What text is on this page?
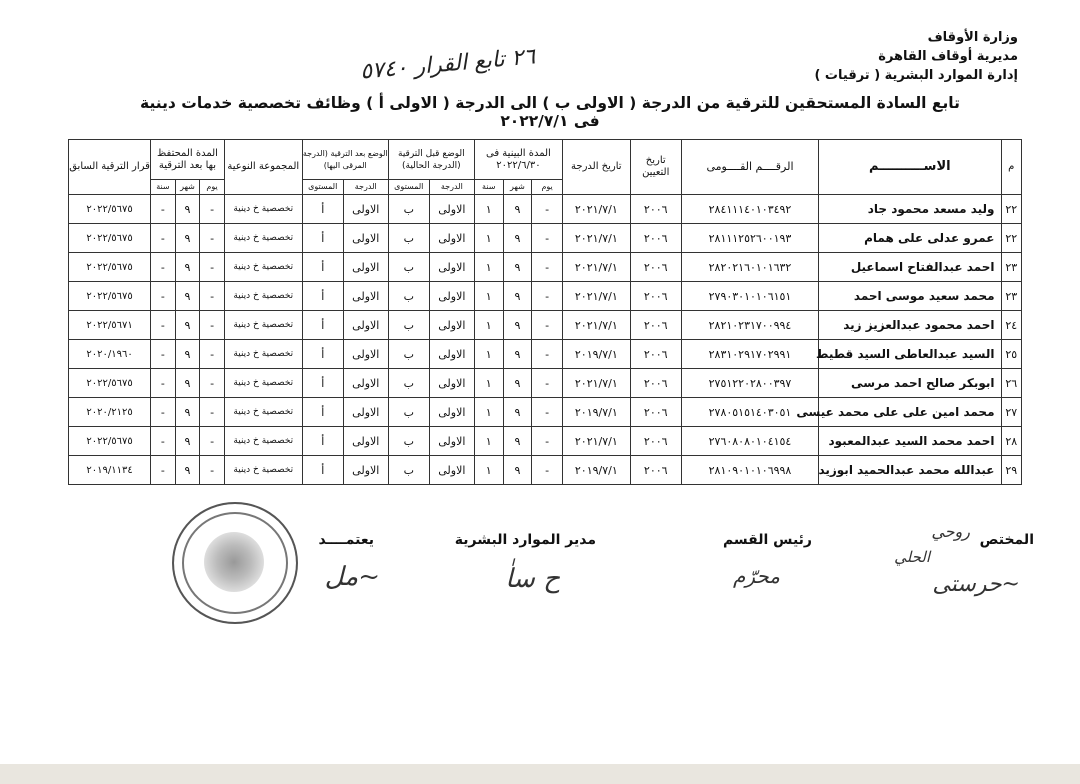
وزارة الأوقاف
مديرية أوقاف القاهرة
إدارة الموارد البشرية ( ترقيات )
٢٦ تابع القرار ٥٧٤٠
تابع السادة المستحقين للترقية من الدرجة ( الاولى ب ) الى الدرجة ( الاولى أ ) وظائف تخصصية خدمات دينية فى ٢٠٢٢/٧/١
م	الاســــــــــم	الرقــــم القــــومى	تاريخ التعيين	تاريخ الدرجة	المدة البينية فى ٢٠٢٢/٦/٣٠			الوضع قبل الترقية (الدرجة الحالية)		الوضع بعد الترقية (الدرجة المرقى اليها)		المجموعة النوعية	المدة المحتفظ بها بعد الترقية			قرار الترقية السابق
					يوم	شهر	سنة	الدرجة	المستوى	الدرجة	المستوى		يوم	شهر	سنة	
٢٢	وليد مسعد محمود جاد	٢٨٤١١١٤٠١٠٣٤٩٢	٢٠٠٦	٢٠٢١/٧/١	-	٩	١	الاولى	ب	الاولى	أ	تخصصية خ دينية	-	٩	-	٢٠٢٢/٥٦٧٥
٢٢	عمرو عدلى على همام	٢٨١١١٢٥٢٦٠٠١٩٣	٢٠٠٦	٢٠٢١/٧/١	-	٩	١	الاولى	ب	الاولى	أ	تخصصية خ دينية	-	٩	-	٢٠٢٢/٥٦٧٥
٢٣	احمد عبدالفتاح اسماعيل	٢٨٢٠٢١٦٠١٠١٦٣٢	٢٠٠٦	٢٠٢١/٧/١	-	٩	١	الاولى	ب	الاولى	أ	تخصصية خ دينية	-	٩	-	٢٠٢٢/٥٦٧٥
٢٣	محمد سعيد موسى احمد	٢٧٩٠٣٠١٠١٠٦١٥١	٢٠٠٦	٢٠٢١/٧/١	-	٩	١	الاولى	ب	الاولى	أ	تخصصية خ دينية	-	٩	-	٢٠٢٢/٥٦٧٥
٢٤	احمد محمود عبدالعزيز زيد	٢٨٢١٠٢٣١٧٠٠٩٩٤	٢٠٠٦	٢٠٢١/٧/١	-	٩	١	الاولى	ب	الاولى	أ	تخصصية خ دينية	-	٩	-	٢٠٢٢/٥٦٧١
٢٥	السيد عبدالعاطى السيد قطيط	٢٨٣١٠٢٩١٧٠٢٩٩١	٢٠٠٦	٢٠١٩/٧/١	-	٩	١	الاولى	ب	الاولى	أ	تخصصية خ دينية	-	٩	-	٢٠٢٠/١٩٦٠
٢٦	ابوبكر صالح احمد مرسى	٢٧٥١٢٢٠٢٨٠٠٣٩٧	٢٠٠٦	٢٠٢١/٧/١	-	٩	١	الاولى	ب	الاولى	أ	تخصصية خ دينية	-	٩	-	٢٠٢٢/٥٦٧٥
٢٧	محمد امين على على محمد عيسى	٢٧٨٠٥١٥١٤٠٣٠٥١	٢٠٠٦	٢٠١٩/٧/١	-	٩	١	الاولى	ب	الاولى	أ	تخصصية خ دينية	-	٩	-	٢٠٢٠/٢١٢٥
٢٨	احمد محمد السيد عبدالمعبود	٢٧٦٠٨٠٨٠١٠٤١٥٤	٢٠٠٦	٢٠٢١/٧/١	-	٩	١	الاولى	ب	الاولى	أ	تخصصية خ دينية	-	٩	-	٢٠٢٢/٥٦٧٥
٢٩	عبدالله محمد عبدالحميد ابوزيد	٢٨١٠٩٠١٠١٠٦٩٩٨	٢٠٠٦	٢٠١٩/٧/١	-	٩	١	الاولى	ب	الاولى	أ	تخصصية خ دينية	-	٩	-	٢٠١٩/١١٣٤
المختص
روحي
الحلي
~حرستى
رئيس القسم
محرّم
مدير الموارد البشرية
ح ساٰ
يعتمــــد
~مل
